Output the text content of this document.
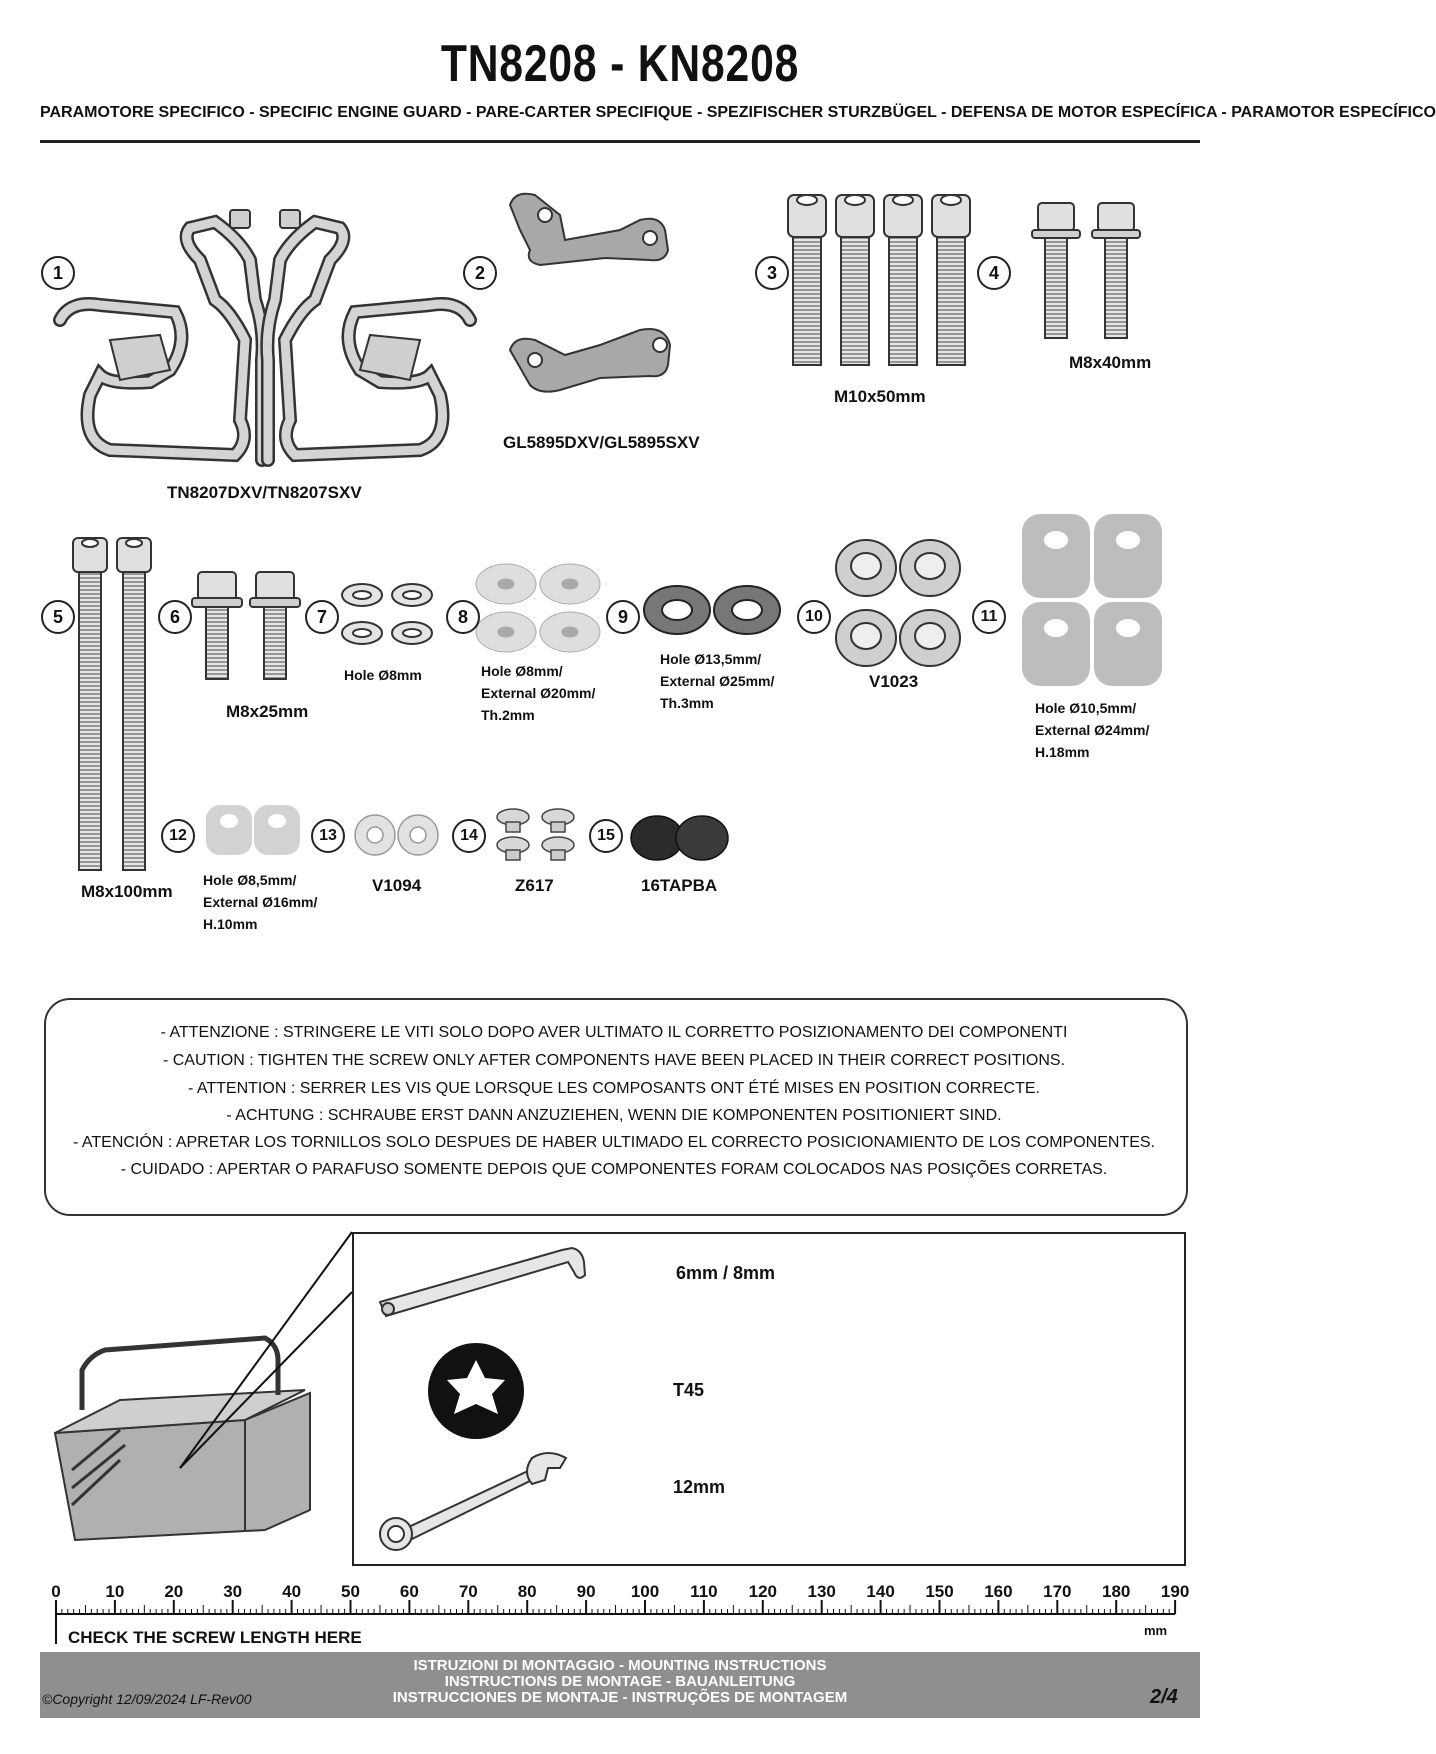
TN8208 - KN8208
PARAMOTORE SPECIFICO - SPECIFIC ENGINE GUARD - PARE-CARTER SPECIFIQUE - SPEZIFISCHER STURZBÜGEL - DEFENSA DE MOTOR ESPECÍFICA - PARAMOTOR ESPECÍFICO
1
TN8207DXV/TN8207SXV
2
GL5895DXV/GL5895SXV
3
M10x50mm
4
M8x40mm
5
M8x100mm
6
M8x25mm
7
Hole Ø8mm
8
Hole Ø8mm/
External Ø20mm/
Th.2mm
9
Hole Ø13,5mm/
External Ø25mm/
Th.3mm
10
V1023
11
Hole Ø10,5mm/
External Ø24mm/
H.18mm
12
Hole Ø8,5mm/
External Ø16mm/
H.10mm
13
V1094
14
Z617
15
16TAPBA
- ATTENZIONE : STRINGERE LE VITI SOLO DOPO AVER ULTIMATO IL CORRETTO POSIZIONAMENTO DEI COMPONENTI
- CAUTION : TIGHTEN THE SCREW ONLY AFTER COMPONENTS HAVE BEEN PLACED IN THEIR CORRECT POSITIONS.
- ATTENTION : SERRER LES VIS QUE LORSQUE LES COMPOSANTS ONT ÉTÉ MISES EN POSITION CORRECTE.
- ACHTUNG : SCHRAUBE ERST DANN ANZUZIEHEN, WENN DIE KOMPONENTEN POSITIONIERT SIND.
- ATENCIÓN : APRETAR LOS TORNILLOS SOLO DESPUES DE HABER ULTIMADO EL CORRECTO POSICIONAMIENTO DE LOS COMPONENTES.
- CUIDADO : APERTAR O PARAFUSO SOMENTE DEPOIS QUE COMPONENTES FORAM COLOCADOS NAS POSIÇÕES CORRETAS.
6mm / 8mm
T45
12mm
0	10	20	30	40	50	60	70	80	90	100	110	120	130	140	150	160	170	180	190
mm
CHECK THE SCREW LENGTH HERE
ISTRUZIONI DI MONTAGGIO - MOUNTING INSTRUCTIONS
INSTRUCTIONS DE MONTAGE - BAUANLEITUNG
INSTRUCCIONES DE MONTAJE - INSTRUÇÕES DE MONTAGEM
©Copyright 12/09/2024 LF-Rev00	2/4
